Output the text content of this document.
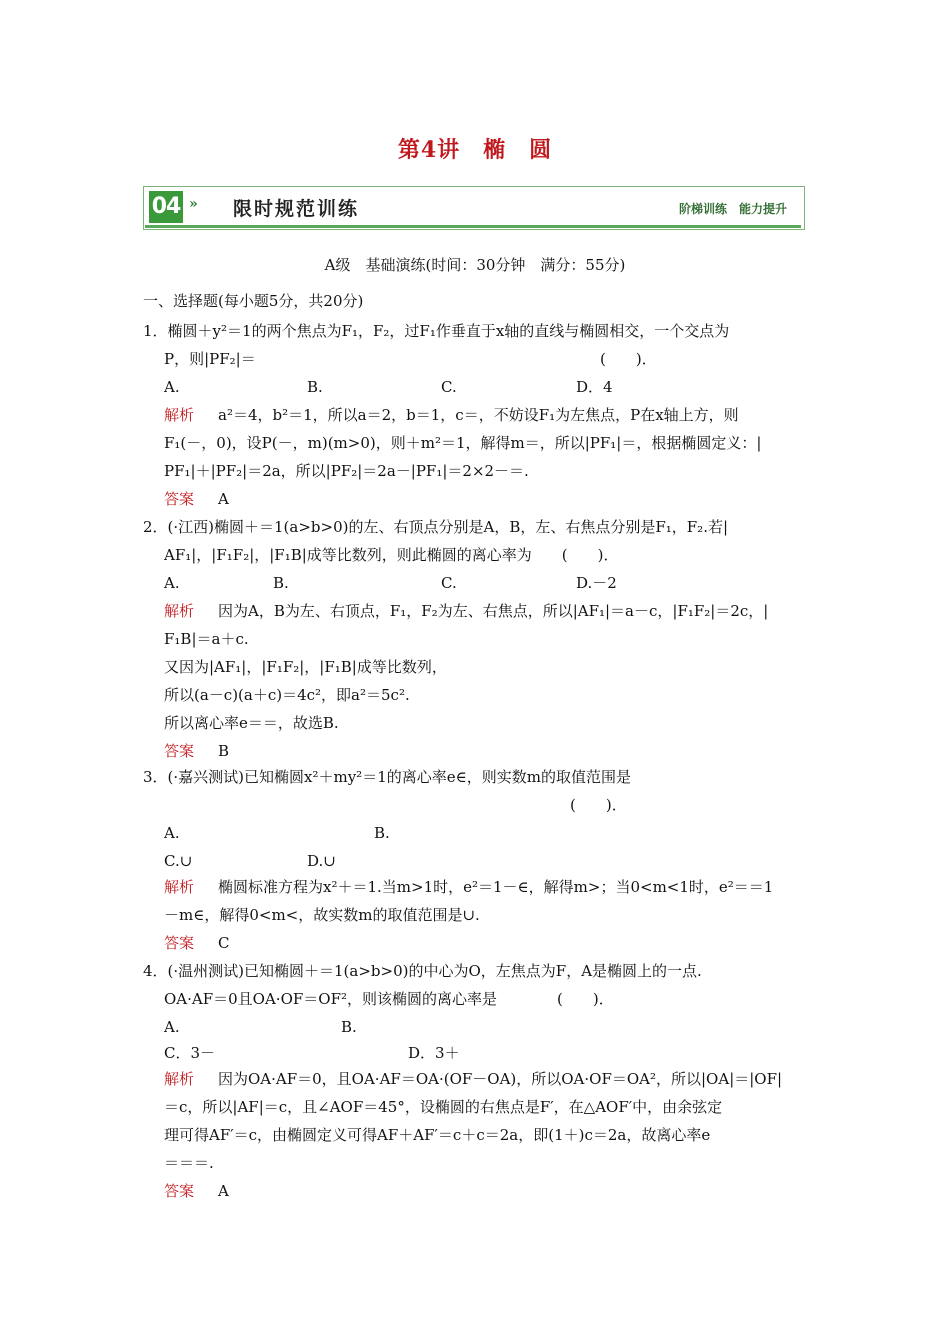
第4讲　椭　圆
04 » 限时规范训练	阶梯训练　能力提升
A级　基础演练(时间：30分钟　满分：55分)
一、选择题(每小题5分，共20分)
1．椭圆＋y²＝1的两个焦点为F₁，F₂，过F₁作垂直于x轴的直线与椭圆相交，一个交点为
P，则|PF₂|＝	(　　)．
A.	B.	C.	D．4
解析 a²＝4，b²＝1，所以a＝2，b＝1，c＝，不妨设F₁为左焦点，P在x轴上方，则
F₁(－，0)，设P(－，m)(m>0)，则＋m²＝1，解得m＝，所以|PF₁|＝，根据椭圆定义：|
PF₁|＋|PF₂|＝2a，所以|PF₂|＝2a－|PF₁|＝2×2－＝.
答案 A
2．(·江西)椭圆＋＝1(a>b>0)的左、右顶点分别是A，B，左、右焦点分别是F₁，F₂.若|
AF₁|，|F₁F₂|，|F₁B|成等比数列，则此椭圆的离心率为　　(　　)．
A.	B.	C.	D.－2
解析 因为A，B为左、右顶点，F₁，F₂为左、右焦点，所以|AF₁|＝a－c，|F₁F₂|＝2c，|
F₁B|＝a＋c.
又因为|AF₁|，|F₁F₂|，|F₁B|成等比数列，
所以(a－c)(a＋c)＝4c²，即a²＝5c².
所以离心率e＝＝，故选B.
答案 B
3．(·嘉兴测试)已知椭圆x²＋my²＝1的离心率e∈，则实数m的取值范围是
(　　)．
A.	B.
C.∪	D.∪
解析 椭圆标准方程为x²＋＝1.当m>1时，e²＝1－∈，解得m>；当0<m<1时，e²＝＝1
－m∈，解得0<m<，故实数m的取值范围是∪.
答案 C
4．(·温州测试)已知椭圆＋＝1(a>b>0)的中心为O，左焦点为F，A是椭圆上的一点.
OA·AF＝0且OA·OF＝OF²，则该椭圆的离心率是　　　　(　　)．
A.	B.
C．3－	D．3＋
解析 因为OA·AF＝0，且OA·AF＝OA·(OF－OA)，所以OA·OF＝OA²，所以|OA|＝|OF|
＝c，所以|AF|＝c，且∠AOF＝45°，设椭圆的右焦点是F′，在△AOF′中，由余弦定
理可得AF′＝c，由椭圆定义可得AF＋AF′＝c＋c＝2a，即(1＋)c＝2a，故离心率e
＝＝＝.
答案 A
